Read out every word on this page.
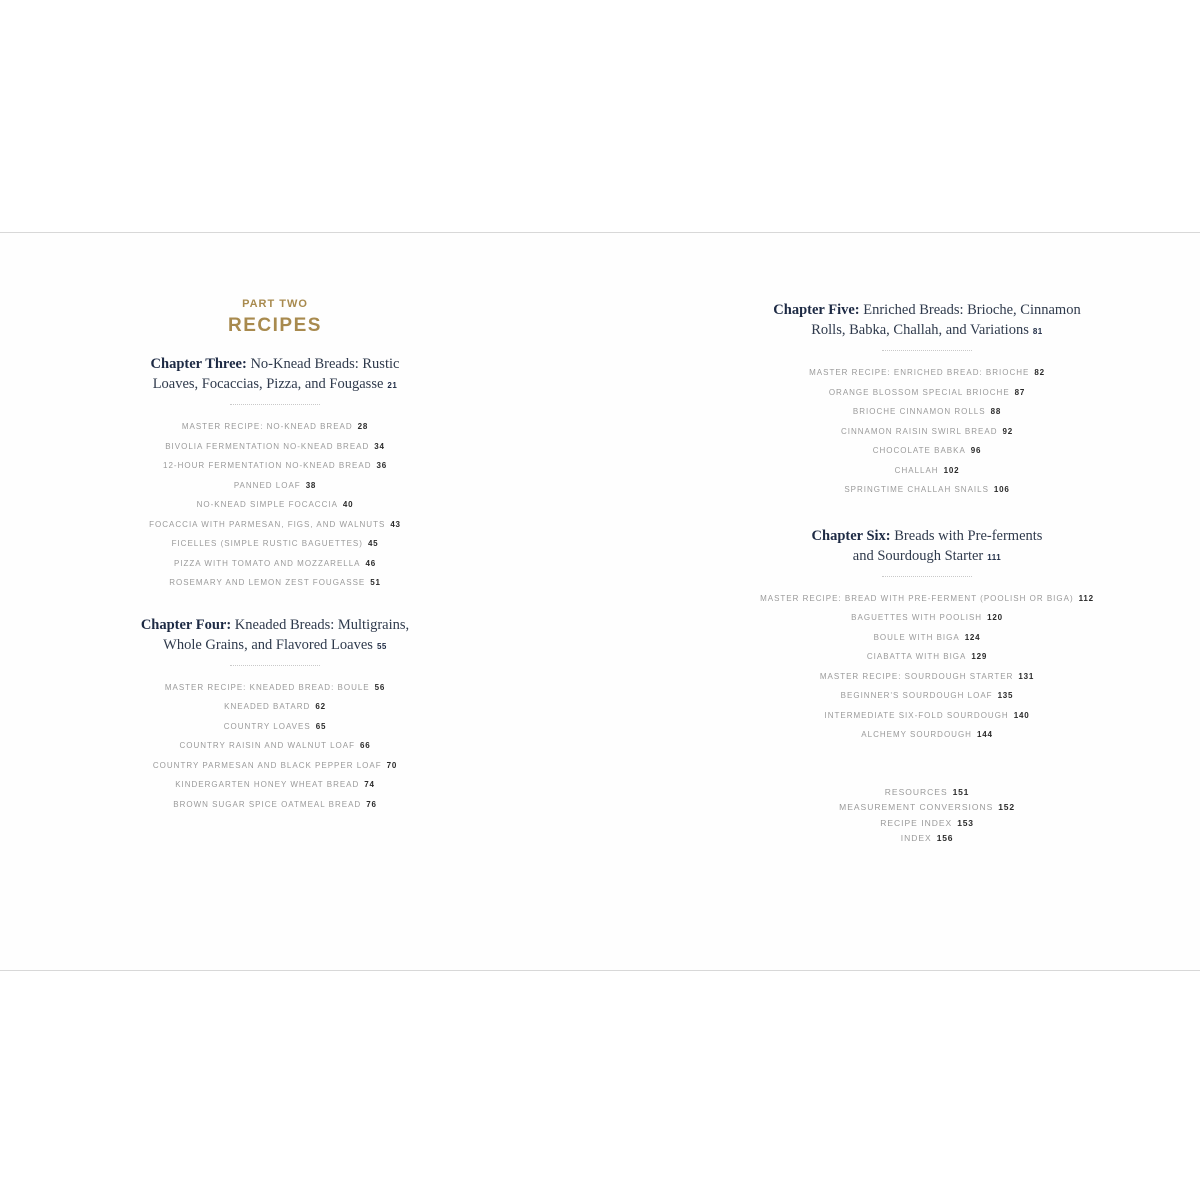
PART TWO

RECIPES

Chapter Three: No-Knead Breads: Rustic
Loaves, Focaccias, Pizza, and Fougasse 21

MASTER RECIPE: NO-KNEAD BREAD 28
BIVOLIA FERMENTATION NO-KNEAD BREAD 34
12-HOUR FERMENTATION NO-KNEAD BREAD 36
PANNED LOAF 38
NO-KNEAD SIMPLE FOCACCIA 40
FOCACCIA WITH PARMESAN, FIGS, AND WALNUTS 43
FICELLES (SIMPLE RUSTIC BAGUETTES) 45
PIZZA WITH TOMATO AND MOZZARELLA 46
ROSEMARY AND LEMON ZEST FOUGASSE 51

Chapter Four: Kneaded Breads: Multigrains,
Whole Grains, and Flavored Loaves 55

MASTER RECIPE: KNEADED BREAD: BOULE 56
KNEADED BATARD 62
COUNTRY LOAVES 65
COUNTRY RAISIN AND WALNUT LOAF 66
COUNTRY PARMESAN AND BLACK PEPPER LOAF 70
KINDERGARTEN HONEY WHEAT BREAD 74
BROWN SUGAR SPICE OATMEAL BREAD 76

Chapter Five: Enriched Breads: Brioche, Cinnamon
Rolls, Babka, Challah, and Variations 81

MASTER RECIPE: ENRICHED BREAD: BRIOCHE 82
ORANGE BLOSSOM SPECIAL BRIOCHE 87
BRIOCHE CINNAMON ROLLS 88
CINNAMON RAISIN SWIRL BREAD 92
CHOCOLATE BABKA 96
CHALLAH 102
SPRINGTIME CHALLAH SNAILS 106

Chapter Six: Breads with Pre-ferments
and Sourdough Starter 111

MASTER RECIPE: BREAD WITH PRE-FERMENT (POOLISH OR BIGA) 112
BAGUETTES WITH POOLISH 120
BOULE WITH BIGA 124
CIABATTA WITH BIGA 129
MASTER RECIPE: SOURDOUGH STARTER 131
BEGINNER'S SOURDOUGH LOAF 135
INTERMEDIATE SIX-FOLD SOURDOUGH 140
ALCHEMY SOURDOUGH 144
RESOURCES 151
MEASUREMENT CONVERSIONS 152
RECIPE INDEX 153
INDEX 156
